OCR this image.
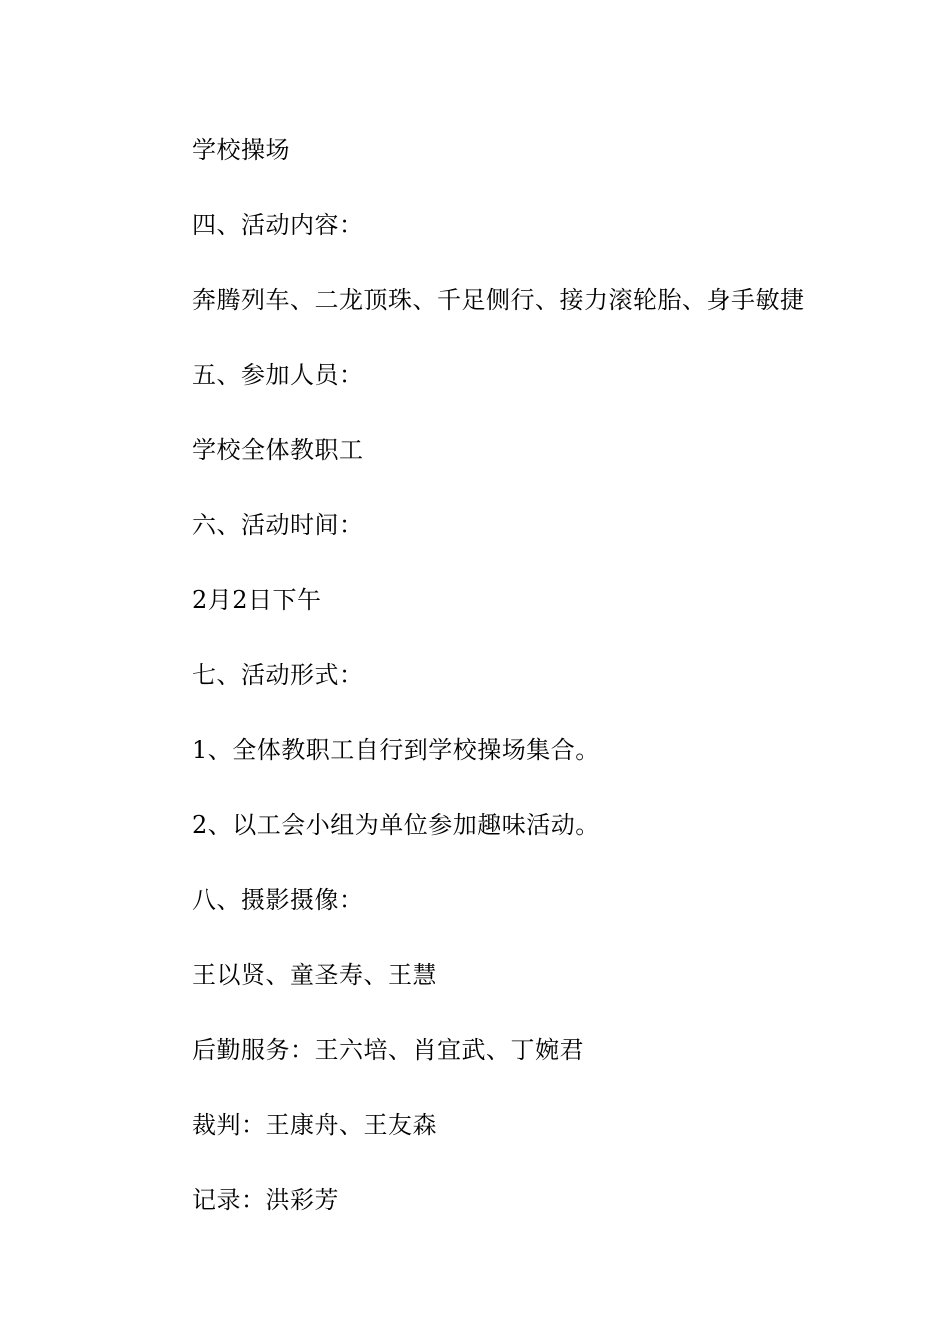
学校操场
四、活动内容：
奔腾列车、二龙顶珠、千足侧行、接力滚轮胎、身手敏捷
五、参加人员：
学校全体教职工
六、活动时间：
2月2日下午
七、活动形式：
1、全体教职工自行到学校操场集合。
2、以工会小组为单位参加趣味活动。
八、摄影摄像：
王以贤、童圣寿、王慧
后勤服务：王六培、肖宜武、丁婉君
裁判：王康舟、王友森
记录：洪彩芳
